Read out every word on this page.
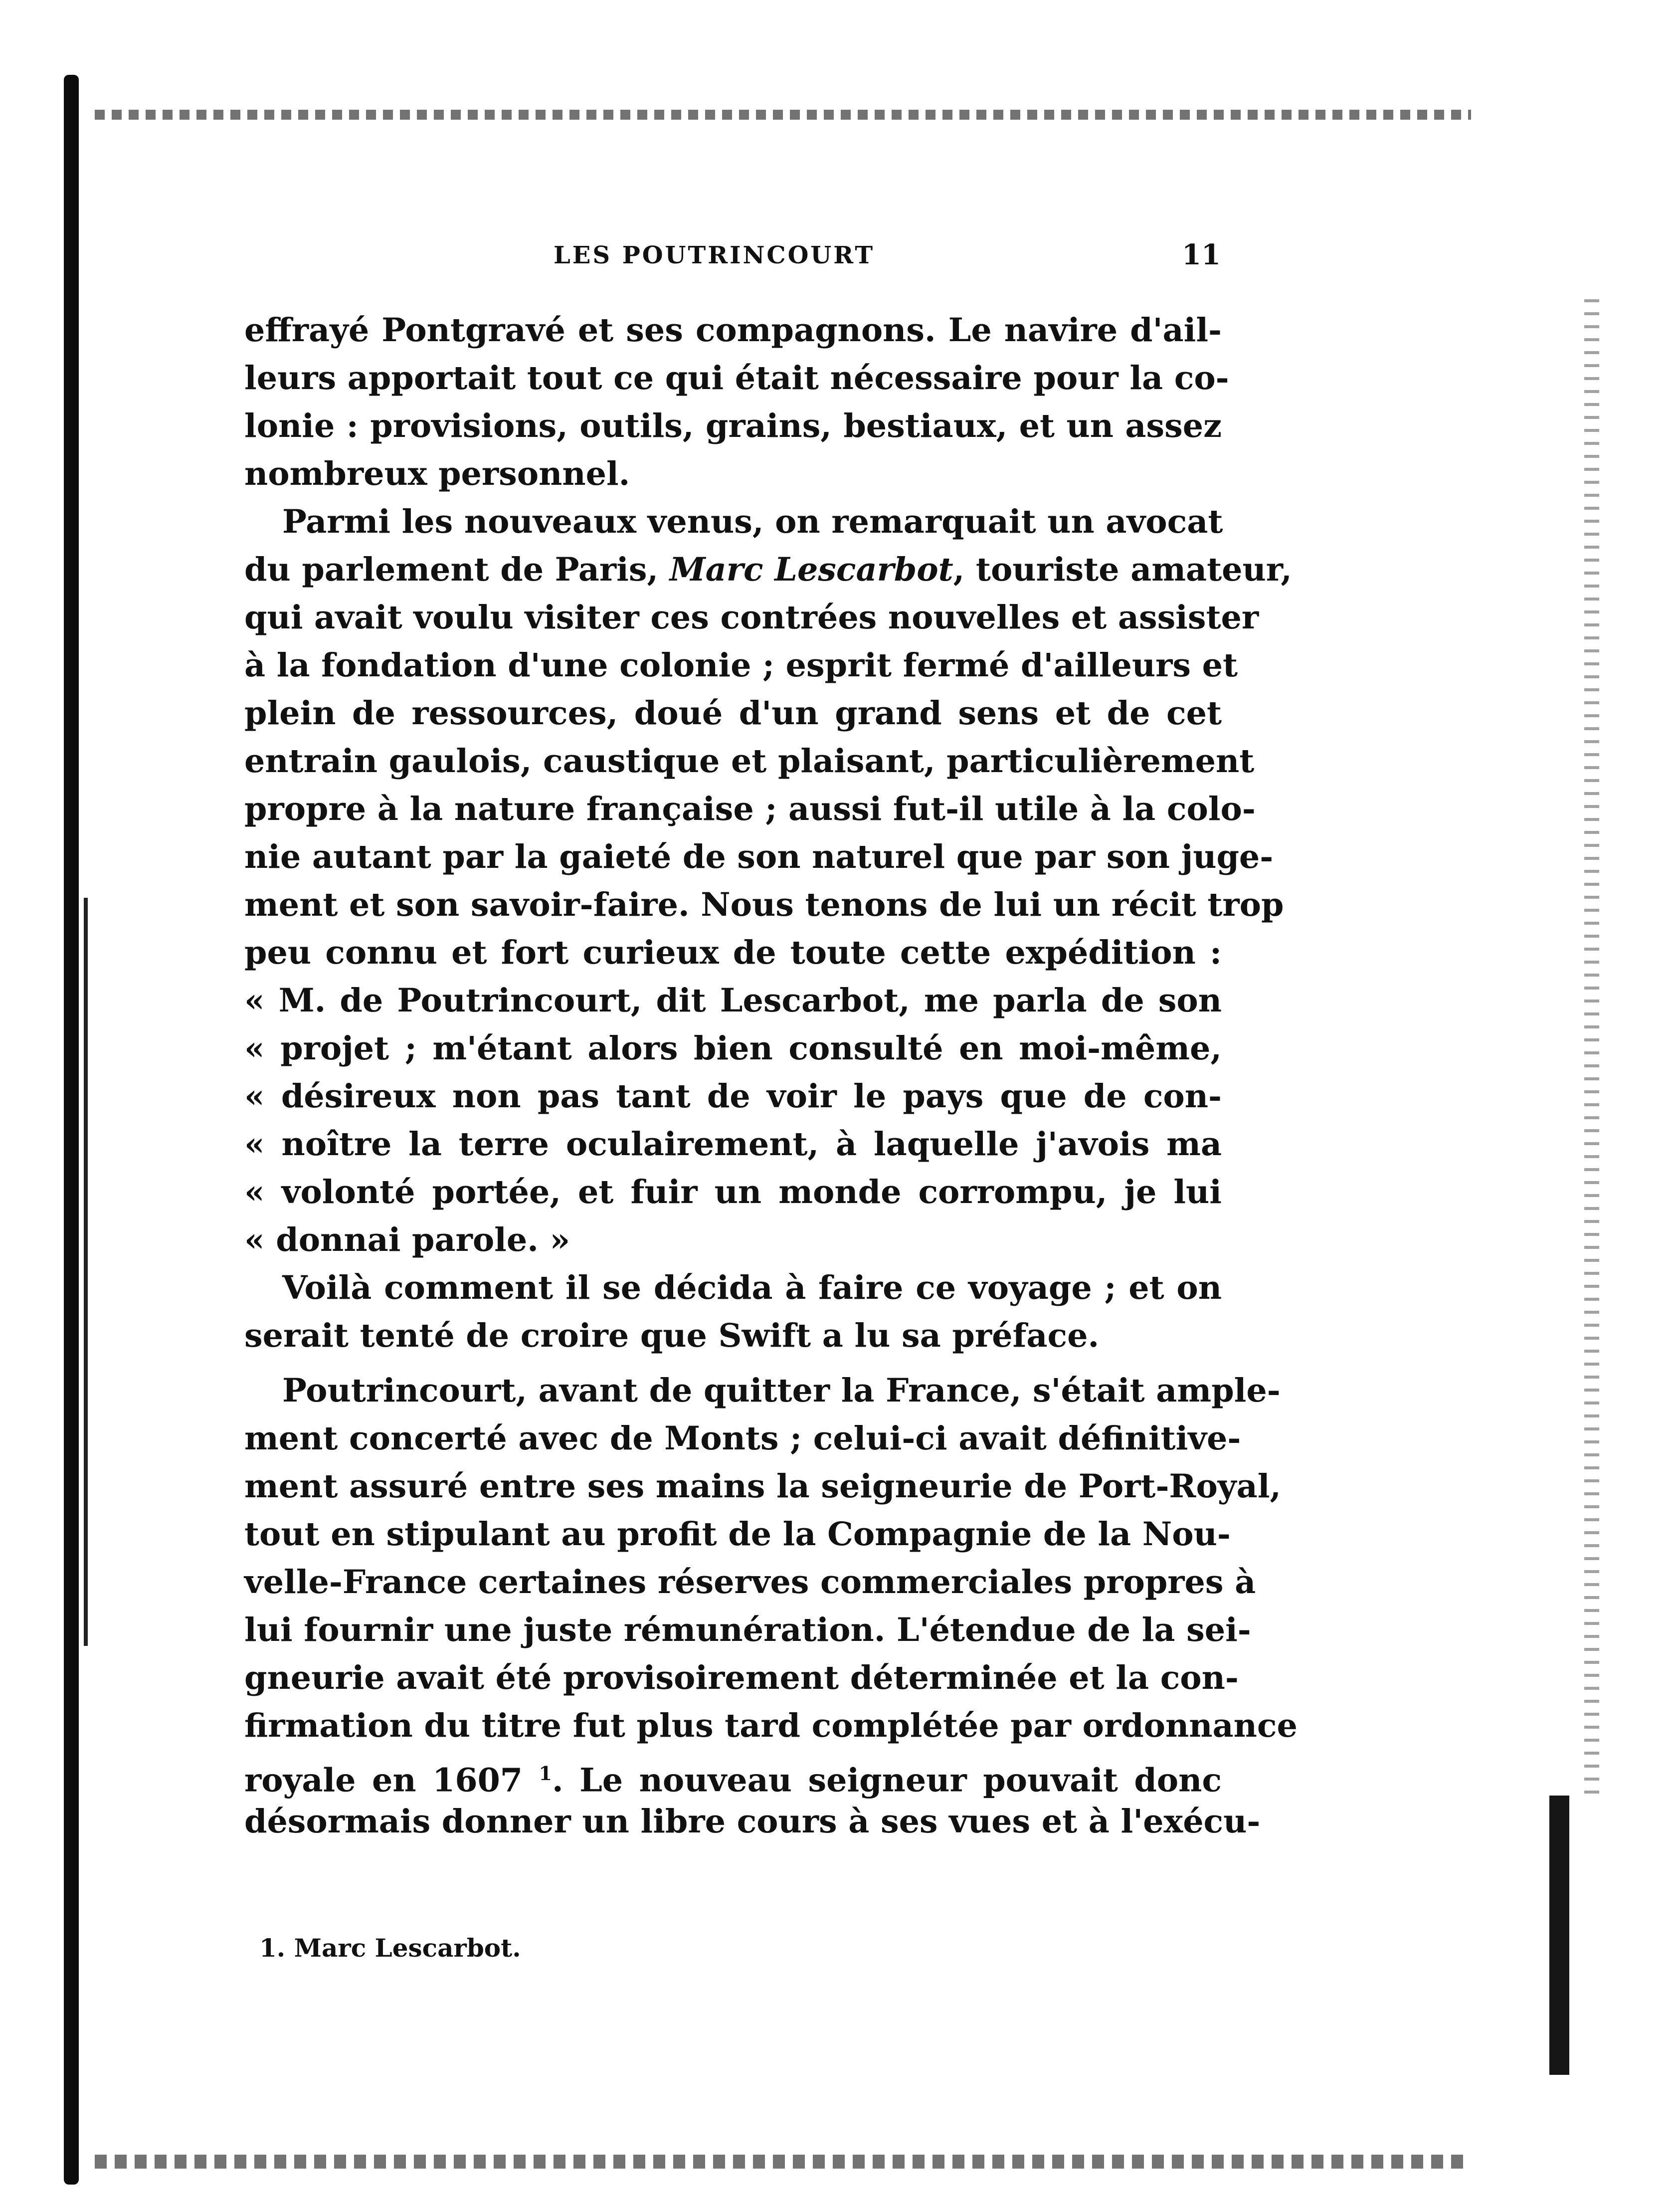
LES POUTRINCOURT	11
effrayé Pontgravé et ses compagnons. Le navire d'ail-
leurs apportait tout ce qui était nécessaire pour la co-
lonie : provisions, outils, grains, bestiaux, et un assez
nombreux personnel.
Parmi les nouveaux venus, on remarquait un avocat
du parlement de Paris, Marc Lescarbot, touriste amateur,
qui avait voulu visiter ces contrées nouvelles et assister
à la fondation d'une colonie ; esprit fermé d'ailleurs et
plein de ressources, doué d'un grand sens et de cet
entrain gaulois, caustique et plaisant, particulièrement
propre à la nature française ; aussi fut-il utile à la colo-
nie autant par la gaieté de son naturel que par son juge-
ment et son savoir-faire. Nous tenons de lui un récit trop
peu connu et fort curieux de toute cette expédition :
« M. de Poutrincourt, dit Lescarbot, me parla de son
« projet ; m'étant alors bien consulté en moi-même,
« désireux non pas tant de voir le pays que de con-
« noître la terre oculairement, à laquelle j'avois ma
« volonté portée, et fuir un monde corrompu, je lui
« donnai parole. »
Voilà comment il se décida à faire ce voyage ; et on
serait tenté de croire que Swift a lu sa préface.
Poutrincourt, avant de quitter la France, s'était ample-
ment concerté avec de Monts ; celui-ci avait définitive-
ment assuré entre ses mains la seigneurie de Port-Royal,
tout en stipulant au profit de la Compagnie de la Nou-
velle-France certaines réserves commerciales propres à
lui fournir une juste rémunération. L'étendue de la sei-
gneurie avait été provisoirement déterminée et la con-
firmation du titre fut plus tard complétée par ordonnance
royale en 1607 $^1$. Le nouveau seigneur pouvait donc
désormais donner un libre cours à ses vues et à l'exécu-
1. Marc Lescarbot.
